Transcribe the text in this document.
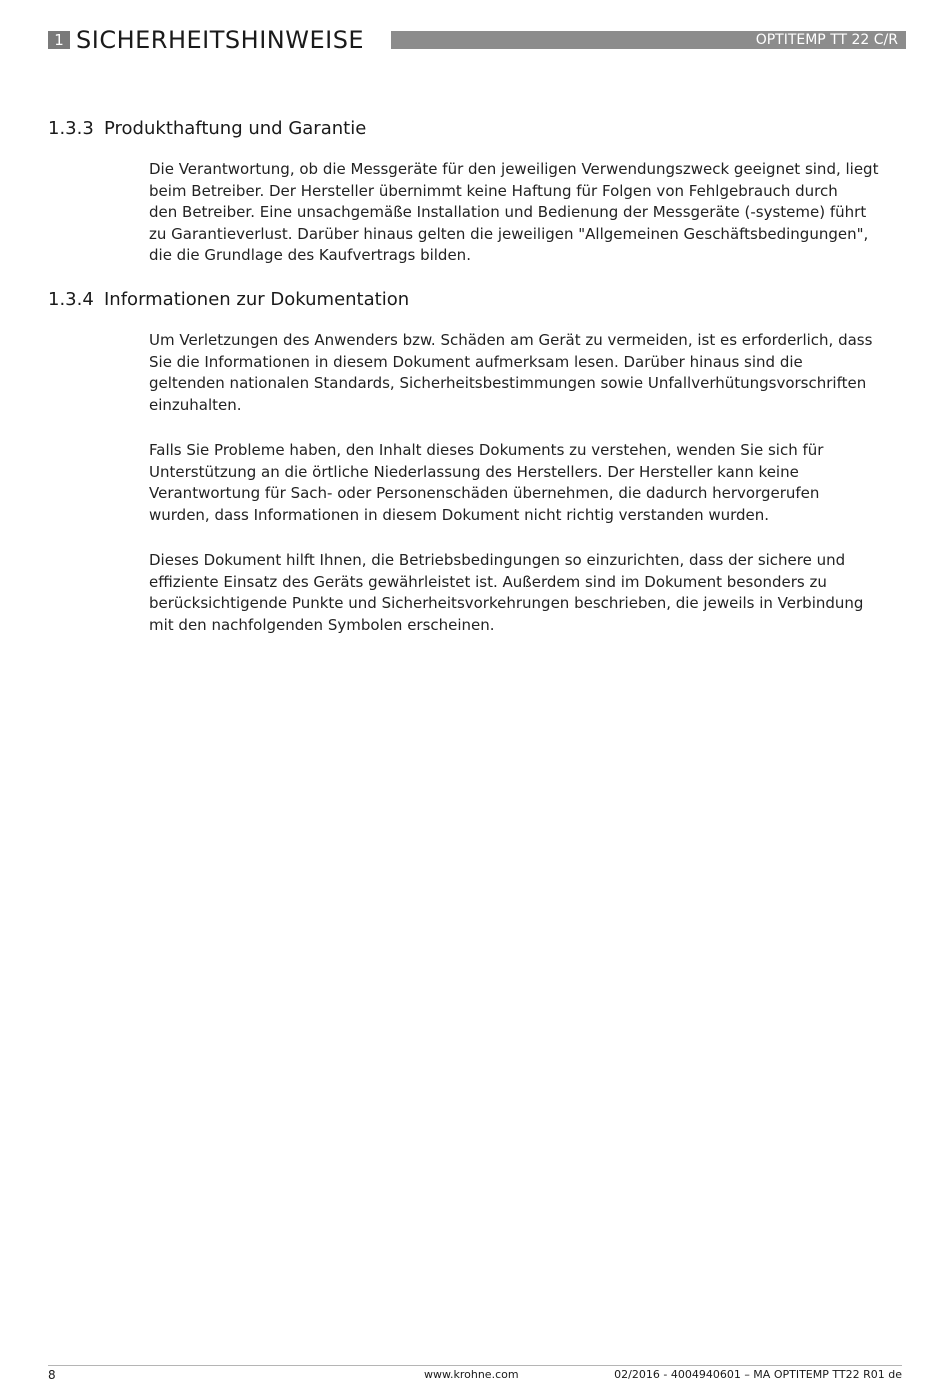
1 SICHERHEITSHINWEISE	OPTITEMP TT 22 C/R
1.3.3 Produkthaftung und Garantie

Die Verantwortung, ob die Messgeräte für den jeweiligen Verwendungszweck geeignet sind, liegt
beim Betreiber. Der Hersteller übernimmt keine Haftung für Folgen von Fehlgebrauch durch
den Betreiber. Eine unsachgemäße Installation und Bedienung der Messgeräte (-systeme) führt
zu Garantieverlust. Darüber hinaus gelten die jeweiligen "Allgemeinen Geschäftsbedingungen",
die die Grundlage des Kaufvertrags bilden.

1.3.4 Informationen zur Dokumentation

Um Verletzungen des Anwenders bzw. Schäden am Gerät zu vermeiden, ist es erforderlich, dass
Sie die Informationen in diesem Dokument aufmerksam lesen. Darüber hinaus sind die
geltenden nationalen Standards, Sicherheitsbestimmungen sowie Unfallverhütungsvorschriften
einzuhalten.

Falls Sie Probleme haben, den Inhalt dieses Dokuments zu verstehen, wenden Sie sich für
Unterstützung an die örtliche Niederlassung des Herstellers. Der Hersteller kann keine
Verantwortung für Sach- oder Personenschäden übernehmen, die dadurch hervorgerufen
wurden, dass Informationen in diesem Dokument nicht richtig verstanden wurden.

Dieses Dokument hilft Ihnen, die Betriebsbedingungen so einzurichten, dass der sichere und
effiziente Einsatz des Geräts gewährleistet ist. Außerdem sind im Dokument besonders zu
berücksichtigende Punkte und Sicherheitsvorkehrungen beschrieben, die jeweils in Verbindung
mit den nachfolgenden Symbolen erscheinen.

8	www.krohne.com	02/2016 - 4004940601 – MA OPTITEMP TT22 R01 de
